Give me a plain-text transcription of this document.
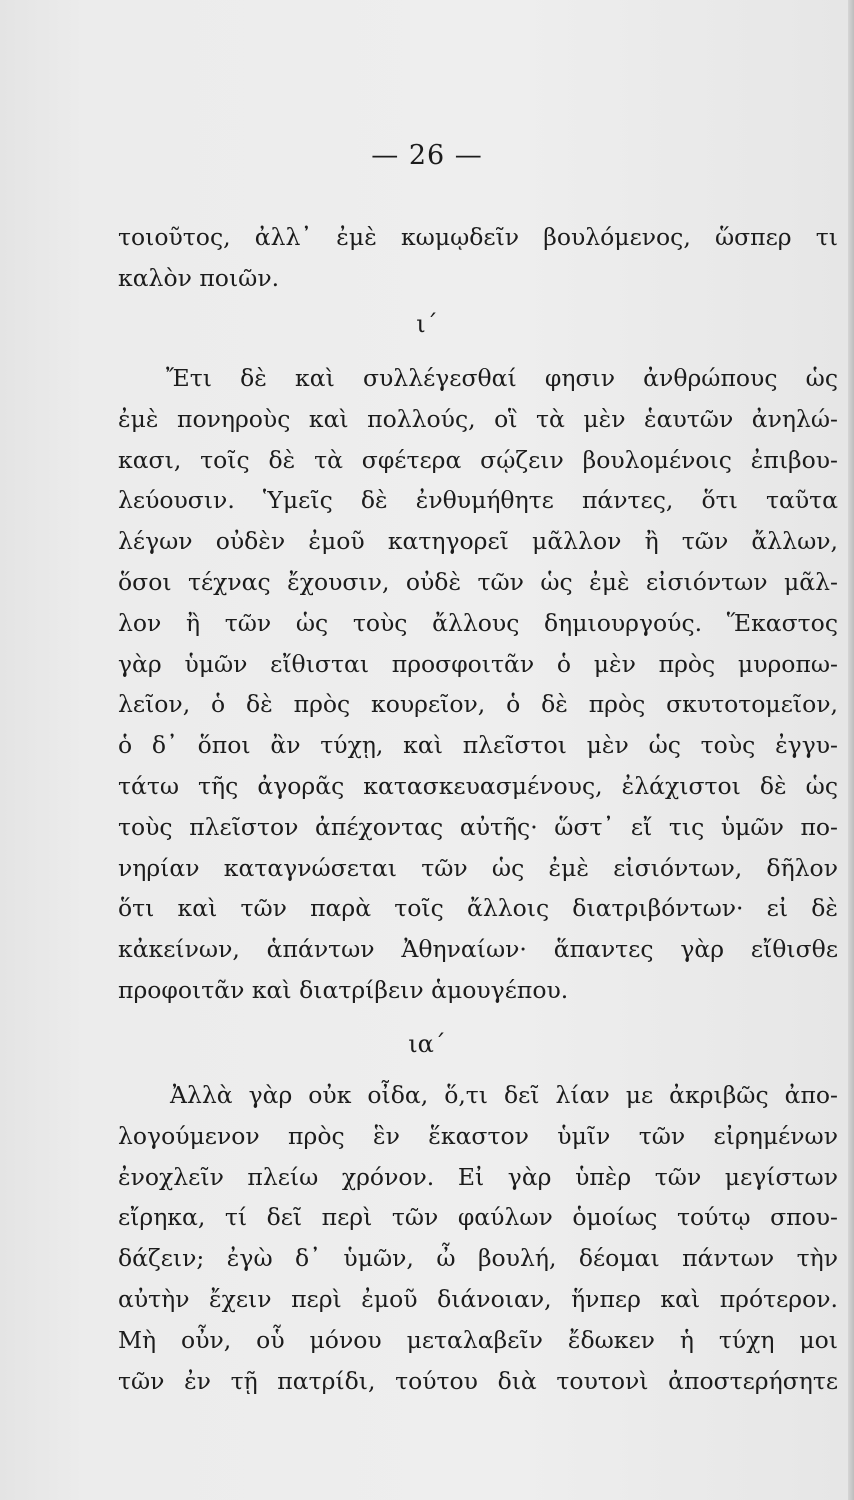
— 26 —
τοιοῦτος, ἀλλ᾽ ἐμὲ κωμῳδεῖν βουλόμενος, ὥσπερ τι
καλὸν ποιῶν.
ι΄
Ἔτι δὲ καὶ συλλέγεσθαί φησιν ἀνθρώπους ὡς
ἐμὲ πονηροὺς καὶ πολλούς, οἳ τὰ μὲν ἑαυτῶν ἀνηλώ-
κασι, τοῖς δὲ τὰ σφέτερα σῴζειν βουλομένοις ἐπιβου-
λεύουσιν. Ὑμεῖς δὲ ἐνθυμήθητε πάντες, ὅτι ταῦτα
λέγων οὐδὲν ἐμοῦ κατηγορεῖ μᾶλλον ἢ τῶν ἄλλων,
ὅσοι τέχνας ἔχουσιν, οὐδὲ τῶν ὡς ἐμὲ εἰσιόντων μᾶλ-
λον ἢ τῶν ὡς τοὺς ἄλλους δημιουργούς. Ἕκαστος
γὰρ ὑμῶν εἴθισται προσφοιτᾶν ὁ μὲν πρὸς μυροπω-
λεῖον, ὁ δὲ πρὸς κουρεῖον, ὁ δὲ πρὸς σκυτοτομεῖον,
ὁ δ᾽ ὅποι ἂν τύχῃ, καὶ πλεῖστοι μὲν ὡς τοὺς ἐγγυ-
τάτω τῆς ἀγορᾶς κατασκευασμένους, ἐλάχιστοι δὲ ὡς
τοὺς πλεῖστον ἀπέχοντας αὐτῆς· ὥστ᾽ εἴ τις ὑμῶν πο-
νηρίαν καταγνώσεται τῶν ὡς ἐμὲ εἰσιόντων, δῆλον
ὅτι καὶ τῶν παρὰ τοῖς ἄλλοις διατριβόντων· εἰ δὲ
κἀκείνων, ἁπάντων Ἀθηναίων· ἅπαντες γὰρ εἴθισθε
προφοιτᾶν καὶ διατρίβειν ἁμουγέπου.
ια΄
Ἀλλὰ γὰρ οὐκ οἶδα, ὅ,τι δεῖ λίαν με ἀκριβῶς ἀπο-
λογούμενον πρὸς ἓν ἕκαστον ὑμῖν τῶν εἰρημένων
ἐνοχλεῖν πλείω χρόνον. Εἰ γὰρ ὑπὲρ τῶν μεγίστων
εἴρηκα, τί δεῖ περὶ τῶν φαύλων ὁμοίως τούτῳ σπου-
δάζειν; ἐγὼ δ᾽ ὑμῶν, ὦ βουλή, δέομαι πάντων τὴν
αὐτὴν ἔχειν περὶ ἐμοῦ διάνοιαν, ἥνπερ καὶ πρότερον.
Μὴ οὖν, οὗ μόνου μεταλαβεῖν ἔδωκεν ἡ τύχη μοι
τῶν ἐν τῇ πατρίδι, τούτου διὰ τουτονὶ ἀποστερήσητε
